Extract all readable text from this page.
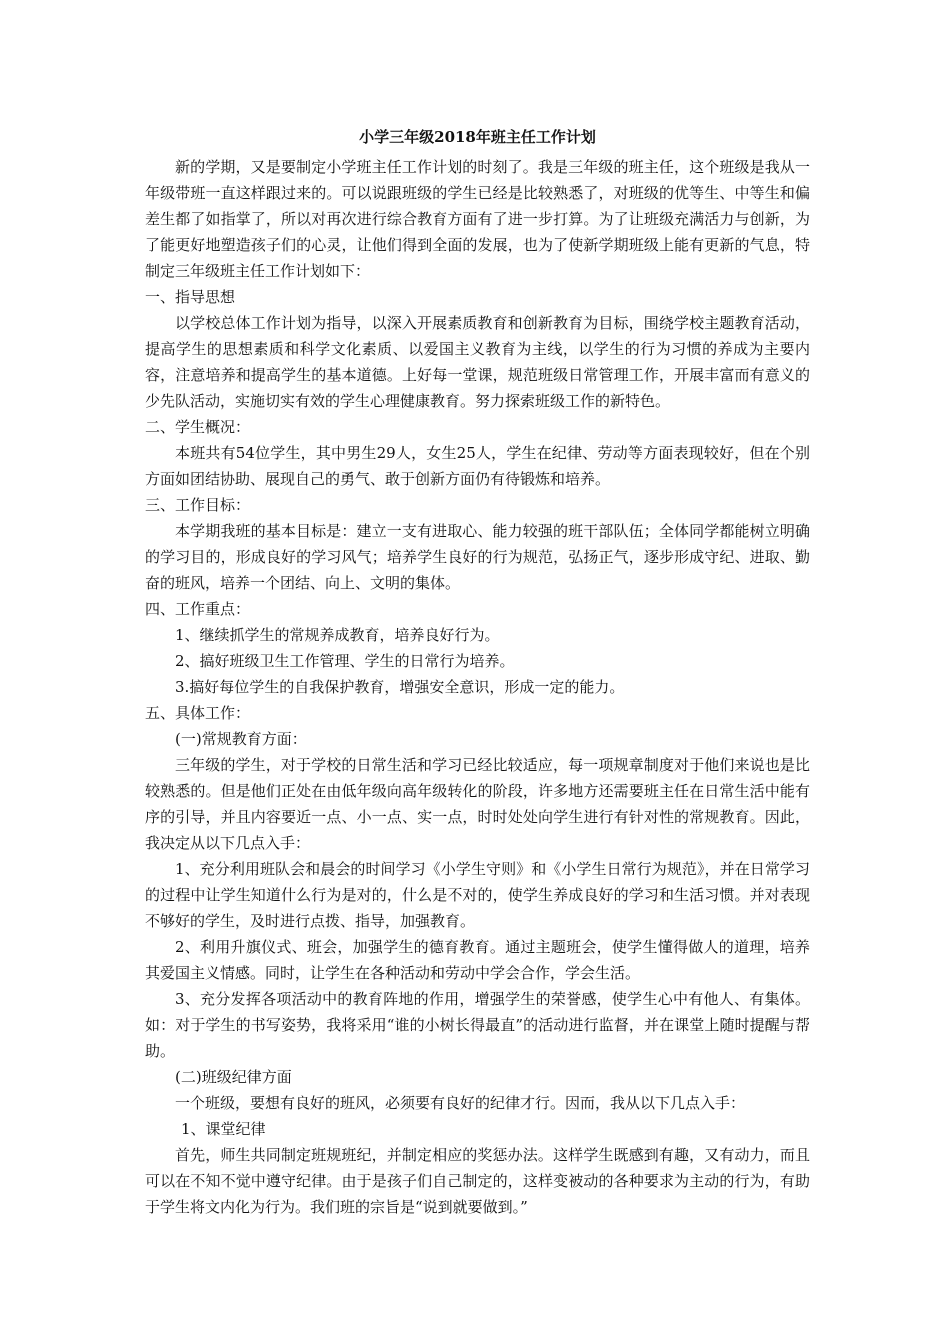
小学三年级2018年班主任工作计划

新的学期，又是要制定小学班主任工作计划的时刻了。我是三年级的班主任，这个班级是我从一年级带班一直这样跟过来的。可以说跟班级的学生已经是比较熟悉了，对班级的优等生、中等生和偏差生都了如指掌了，所以对再次进行综合教育方面有了进一步打算。为了让班级充满活力与创新，为了能更好地塑造孩子们的心灵，让他们得到全面的发展，也为了使新学期班级上能有更新的气息，特制定三年级班主任工作计划如下：

一、指导思想

以学校总体工作计划为指导，以深入开展素质教育和创新教育为目标，围绕学校主题教育活动，提高学生的思想素质和科学文化素质、以爱国主义教育为主线，以学生的行为习惯的养成为主要内容，注意培养和提高学生的基本道德。上好每一堂课，规范班级日常管理工作，开展丰富而有意义的少先队活动，实施切实有效的学生心理健康教育。努力探索班级工作的新特色。

二、学生概况：

本班共有54位学生，其中男生29人，女生25人，学生在纪律、劳动等方面表现较好，但在个别方面如团结协助、展现自己的勇气、敢于创新方面仍有待锻炼和培养。

三、工作目标：

本学期我班的基本目标是：建立一支有进取心、能力较强的班干部队伍；全体同学都能树立明确的学习目的，形成良好的学习风气；培养学生良好的行为规范，弘扬正气，逐步形成守纪、进取、勤奋的班风，培养一个团结、向上、文明的集体。

四、工作重点：

1、继续抓学生的常规养成教育，培养良好行为。

2、搞好班级卫生工作管理、学生的日常行为培养。

3.搞好每位学生的自我保护教育，增强安全意识，形成一定的能力。

五、具体工作：

(一)常规教育方面：

三年级的学生，对于学校的日常生活和学习已经比较适应，每一项规章制度对于他们来说也是比较熟悉的。但是他们正处在由低年级向高年级转化的阶段，许多地方还需要班主任在日常生活中能有序的引导，并且内容要近一点、小一点、实一点，时时处处向学生进行有针对性的常规教育。因此，我决定从以下几点入手：

1、充分利用班队会和晨会的时间学习《小学生守则》和《小学生日常行为规范》，并在日常学习的过程中让学生知道什么行为是对的，什么是不对的，使学生养成良好的学习和生活习惯。并对表现不够好的学生，及时进行点拨、指导，加强教育。

2、利用升旗仪式、班会，加强学生的德育教育。通过主题班会，使学生懂得做人的道理，培养其爱国主义情感。同时，让学生在各种活动和劳动中学会合作，学会生活。

3、充分发挥各项活动中的教育阵地的作用，增强学生的荣誉感，使学生心中有他人、有集体。如：对于学生的书写姿势，我将采用“谁的小树长得最直”的活动进行监督，并在课堂上随时提醒与帮助。

(二)班级纪律方面

一个班级，要想有良好的班风，必须要有良好的纪律才行。因而，我从以下几点入手：

1、课堂纪律

首先，师生共同制定班规班纪，并制定相应的奖惩办法。这样学生既感到有趣，又有动力，而且可以在不知不觉中遵守纪律。由于是孩子们自己制定的，这样变被动的各种要求为主动的行为，有助于学生将文内化为行为。我们班的宗旨是“说到就要做到。”
